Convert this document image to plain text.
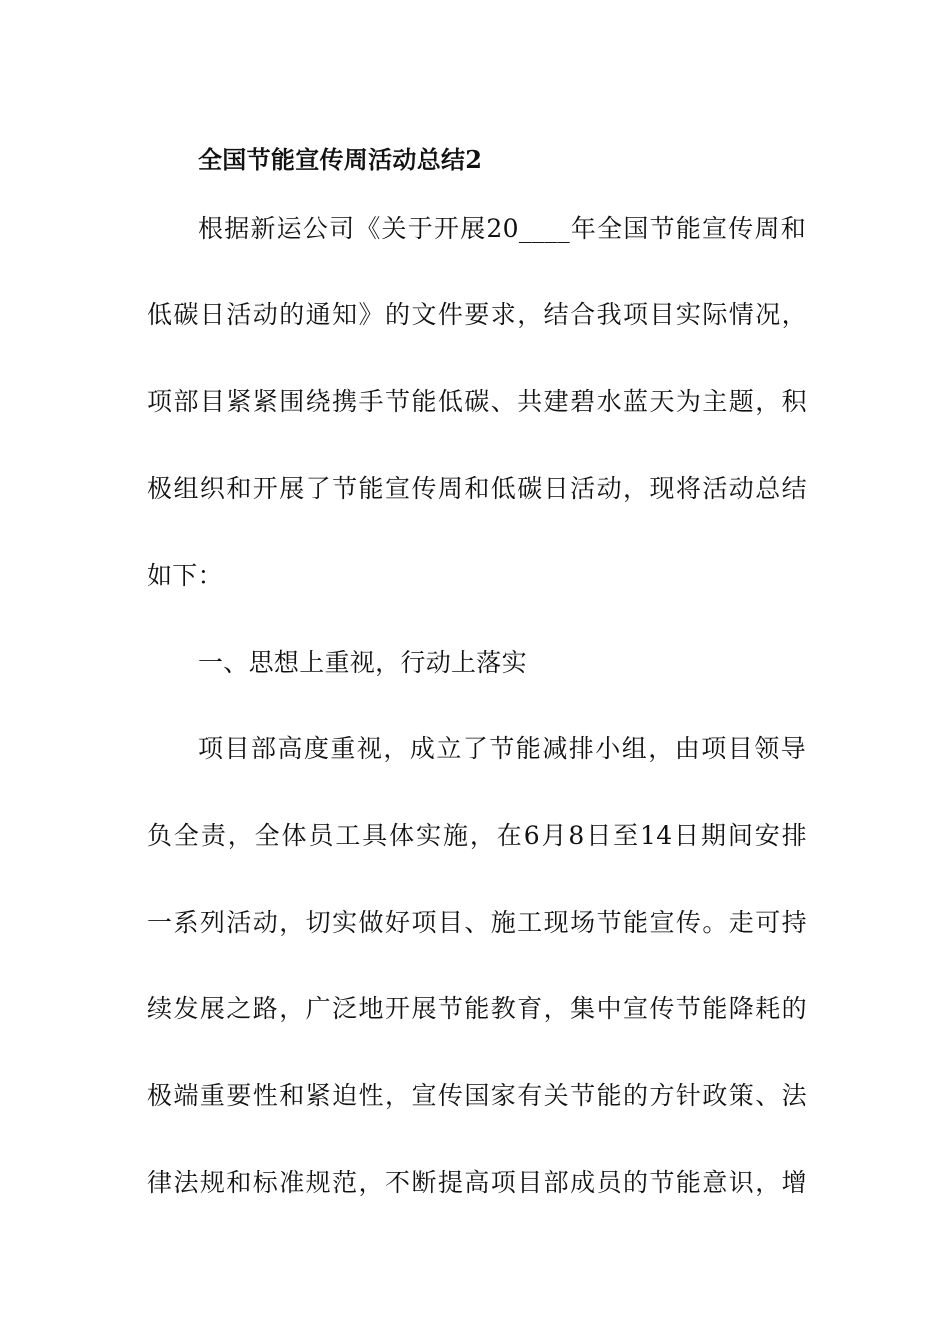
全国节能宣传周活动总结2
根据新运公司《关于开展20____年全国节能宣传周和
低碳日活动的通知》的文件要求，结合我项目实际情况，
项部目紧紧围绕携手节能低碳、共建碧水蓝天为主题，积
极组织和开展了节能宣传周和低碳日活动，现将活动总结
如下：
一、思想上重视，行动上落实
项目部高度重视，成立了节能减排小组，由项目领导
负全责，全体员工具体实施，在6月8日至14日期间安排
一系列活动，切实做好项目、施工现场节能宣传。走可持
续发展之路，广泛地开展节能教育，集中宣传节能降耗的
极端重要性和紧迫性，宣传国家有关节能的方针政策、法
律法规和标准规范，不断提高项目部成员的节能意识，增
